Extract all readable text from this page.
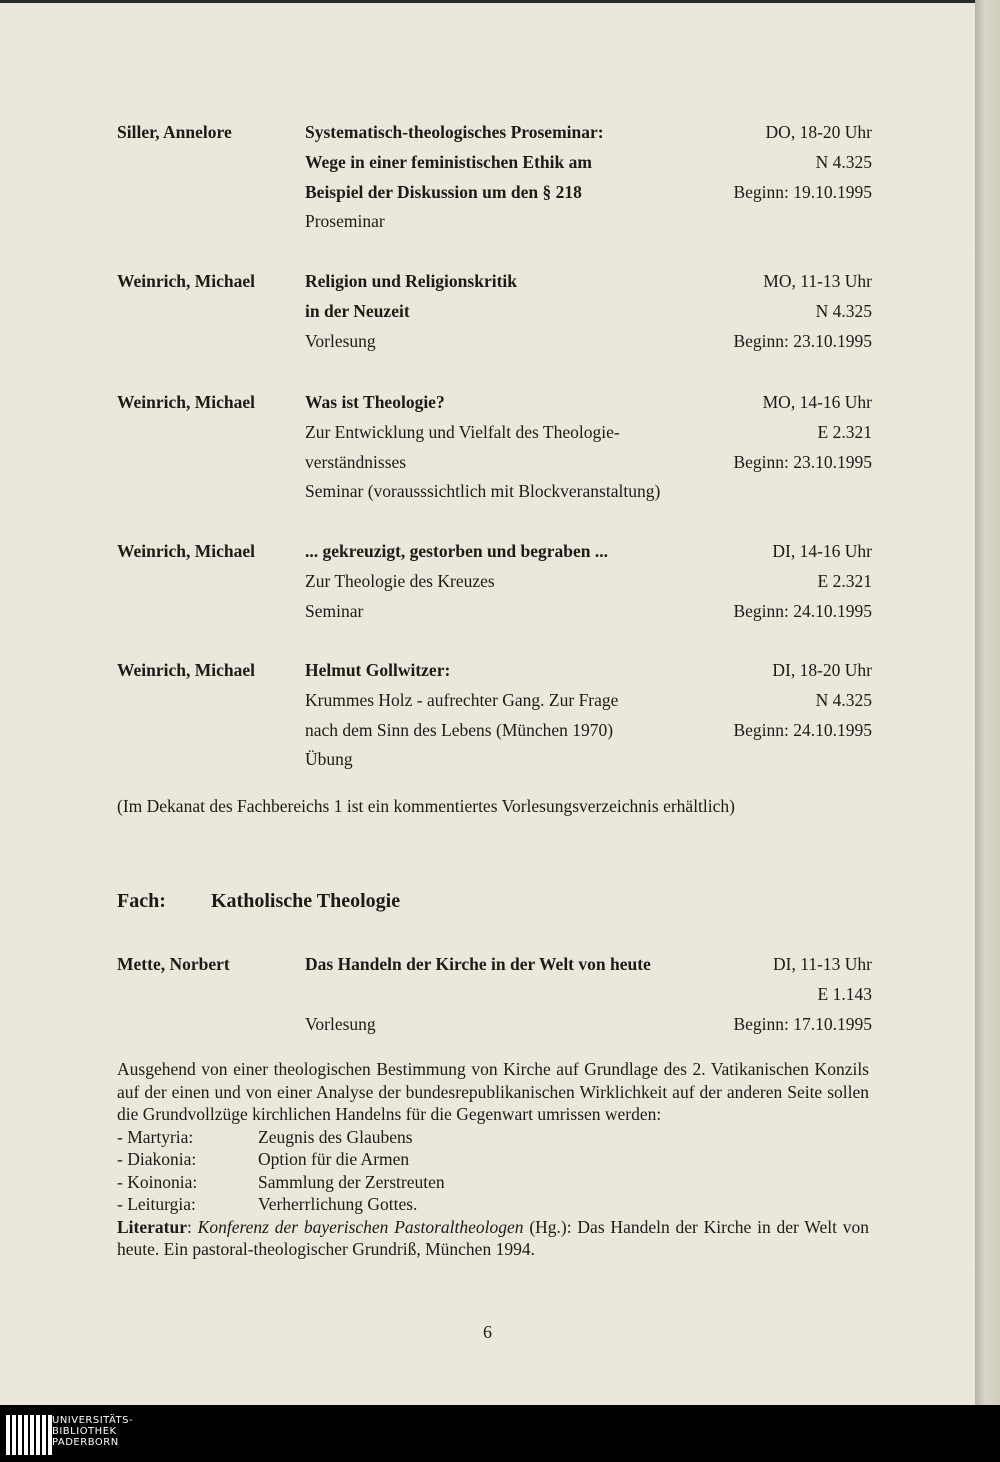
Siller, Annelore	Systematisch-theologisches Proseminar:	DO, 18-20 Uhr
Wege in einer feministischen Ethik am	N 4.325
Beispiel der Diskussion um den § 218	Beginn: 19.10.1995
Proseminar
Weinrich, Michael	Religion und Religionskritik	MO, 11-13 Uhr
in der Neuzeit	N 4.325
Vorlesung	Beginn: 23.10.1995
Weinrich, Michael	Was ist Theologie?	MO, 14-16 Uhr
Zur Entwicklung und Vielfalt des Theologie-	E 2.321
verständnisses	Beginn: 23.10.1995
Seminar (vorausssichtlich mit Blockveranstaltung)
Weinrich, Michael	... gekreuzigt, gestorben und begraben ...	DI, 14-16 Uhr
Zur Theologie des Kreuzes	E 2.321
Seminar	Beginn: 24.10.1995
Weinrich, Michael	Helmut Gollwitzer:	DI, 18-20 Uhr
Krummes Holz - aufrechter Gang. Zur Frage	N 4.325
nach dem Sinn des Lebens (München 1970)	Beginn: 24.10.1995
Übung
(Im Dekanat des Fachbereichs 1 ist ein kommentiertes Vorlesungsverzeichnis erhältlich)
Fach: Katholische Theologie
Mette, Norbert	Das Handeln der Kirche in der Welt von heute	DI, 11-13 Uhr
E 1.143
Vorlesung	Beginn: 17.10.1995

Ausgehend von einer theologischen Bestimmung von Kirche auf Grundlage des 2. Vatikanischen Konzils auf der einen und von einer Analyse der bundesrepublikanischen Wirklichkeit auf der anderen Seite sollen die Grundvollzüge kirchlichen Handelns für die Gegenwart umrissen werden:

- Martyria:	Zeugnis des Glaubens
- Diakonia:	Option für die Armen
- Koinonia:	Sammlung der Zerstreuten
- Leiturgia:	Verherrlichung Gottes.

Literatur: Konferenz der bayerischen Pastoraltheologen (Hg.): Das Handeln der Kirche in der Welt von heute. Ein pastoral-theologischer Grundriß, München 1994.

6
UNIVERSITÄTS-
BIBLIOTHEK
PADERBORN
